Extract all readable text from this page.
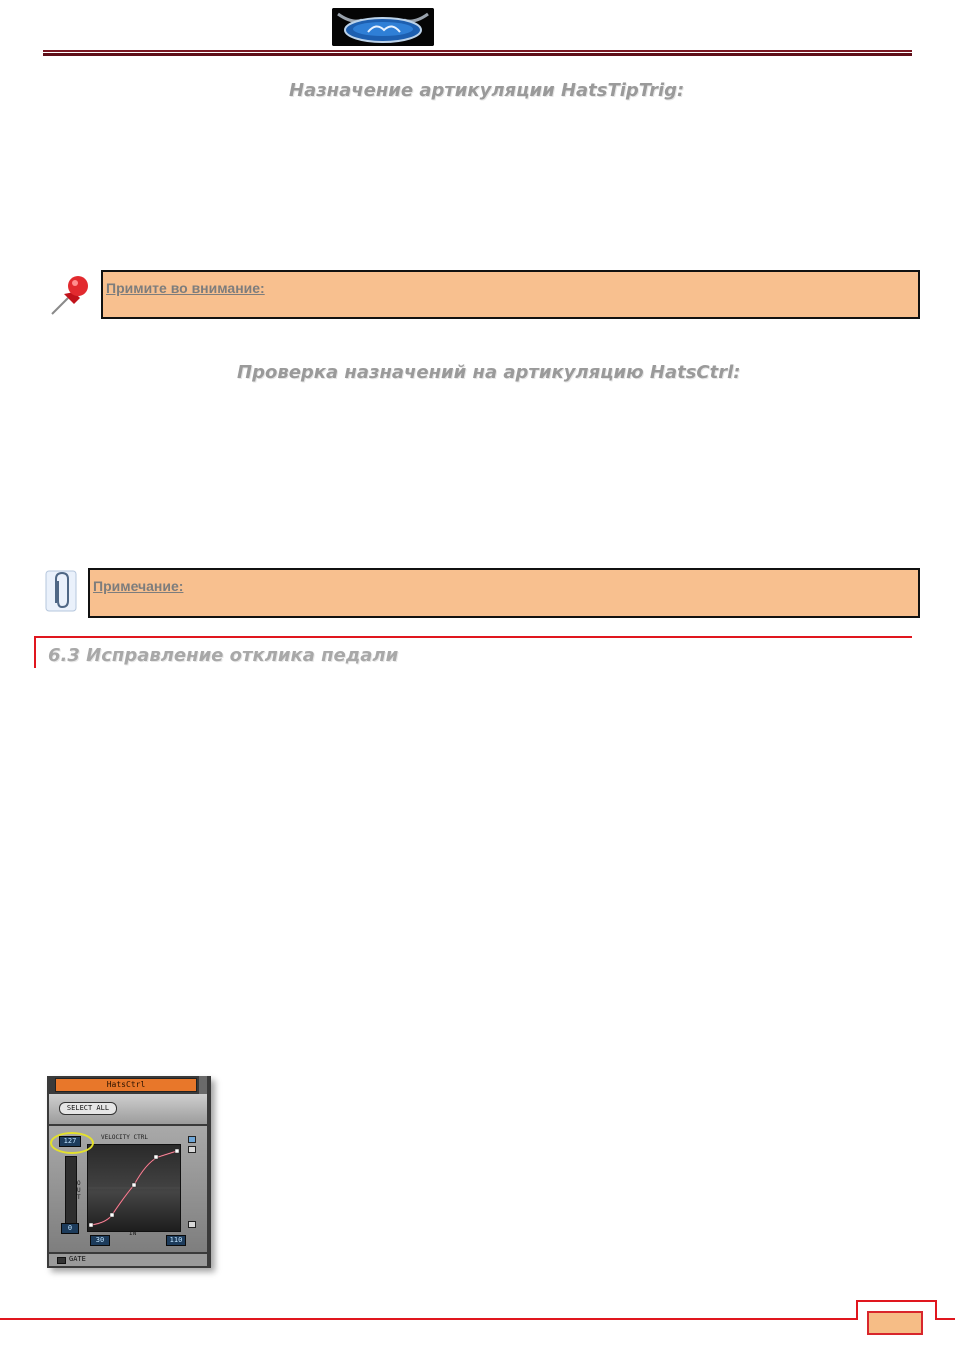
Назначение артикуляции HatsTipTrig:
Примите во внимание:
Проверка назначений на артикуляцию HatsCtrl:
Примечание:
6.3 Исправление отклика педали
HatsCtrl
SELECT ALL
VELOCITY CTRL
OUT
127
0
IN
30	110
GATE
